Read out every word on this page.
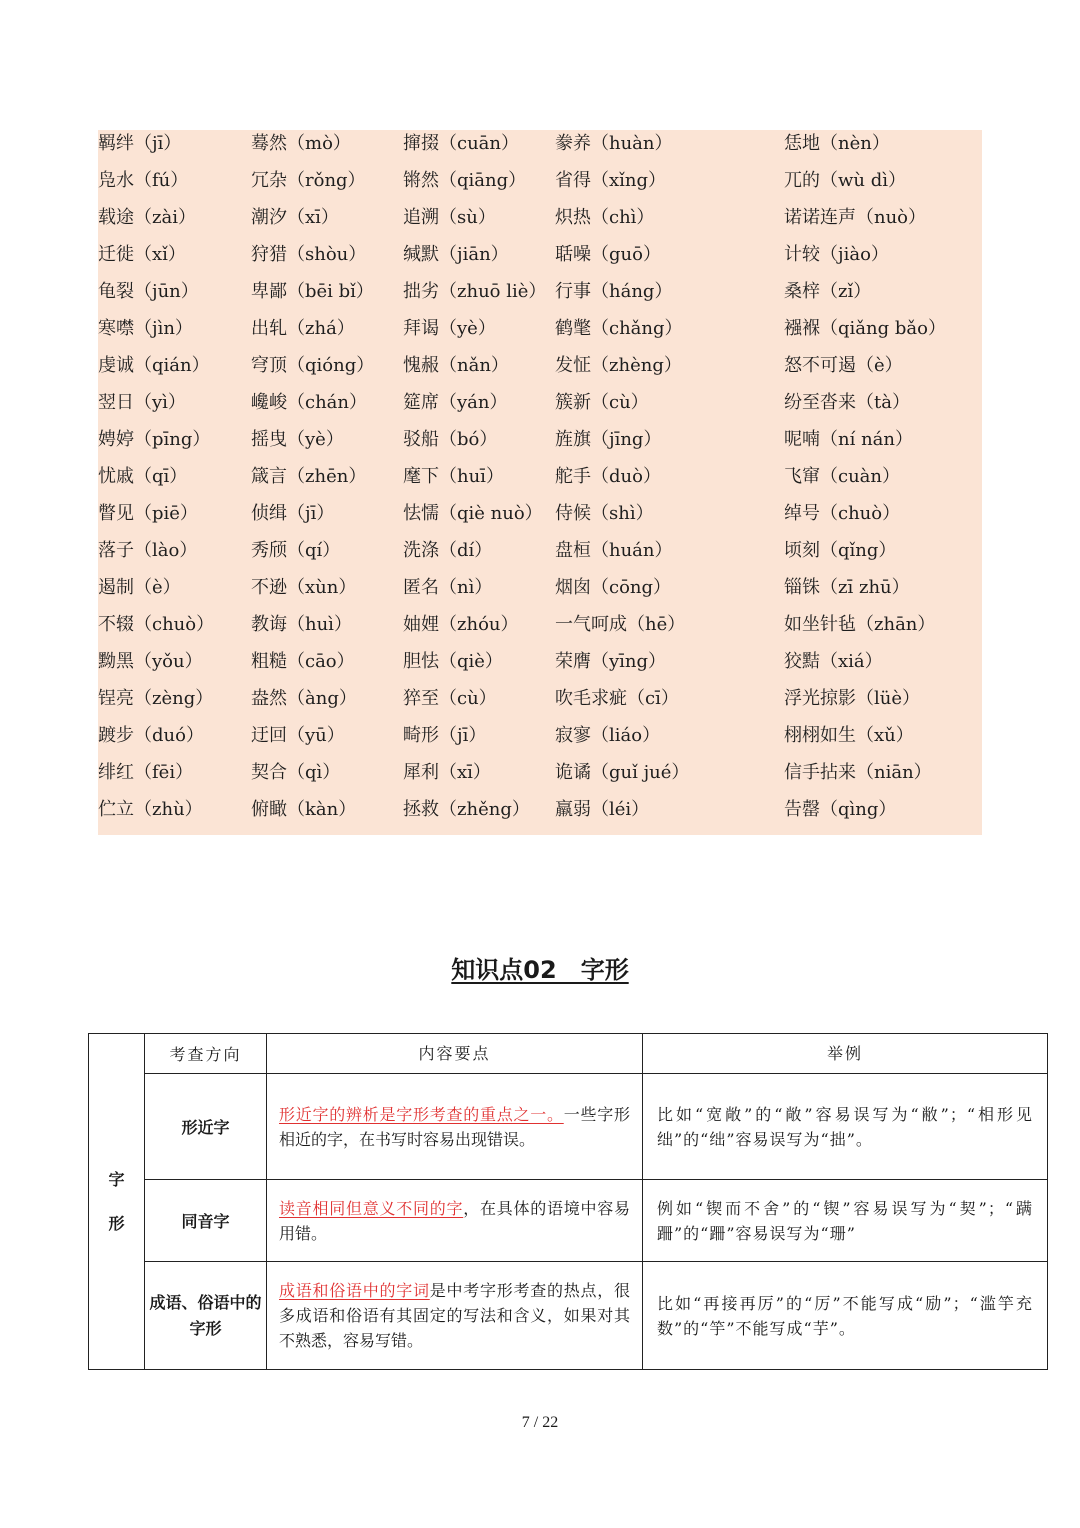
羁绊（jī）	蓦然（mò）	撺掇（cuān） 豢养（huàn）	恁地（nèn）
凫水（fú）	冗杂（rǒng） 锵然（qiāng） 省得（xǐng）	兀的（wù dì）
载途（zài）	潮汐（xī）	追溯（sù）	炽热（chì）	诺诺连声（nuò）
迁徙（xǐ）	狩猎（shòu） 缄默（jiān）	聒噪（guō）	计较（jiào）
龟裂（jūn）	卑鄙（bēi bǐ） 拙劣（zhuō liè） 行事（háng）	桑梓（zǐ）
寒噤（jìn）	出轧（zhá）	拜谒（yè）	鹤氅（chǎng）	襁褓（qiǎng bǎo）
虔诚（qián） 穹顶（qióng） 愧赧（nǎn）	发怔（zhèng）	怒不可遏（è）
翌日（yì）	巉峻（chán） 筵席（yán）	簇新（cù）	纷至沓来（tà）
娉婷（pīng） 摇曳（yè）	驳船（bó）	旌旗（jīng）	呢喃（ní nán）
忧戚（qī）	箴言（zhēn） 麾下（huī）	舵手（duò）	飞窜（cuàn）
瞥见（piē）	侦缉（jī）	怯懦（qiè nuò） 侍候（shì）	绰号（chuò）
落子（lào）	秀颀（qí）	洗涤（dí）	盘桓（huán）	顷刻（qǐng）
遏制（è）	不逊（xùn）	匿名（nì）	烟囱（cōng）	锱铢（zī zhū）
不辍（chuò） 教诲（huì）	妯娌（zhóu） 一气呵成（hē）	如坐针毡（zhān）
黝黑（yǒu）	粗糙（cāo）	胆怯（qiè）	荣膺（yīng）	狡黠（xiá）
锃亮（zèng） 盎然（àng）	猝至（cù）	吹毛求疵（cī）	浮光掠影（lüè）
踱步（duó）	迂回（yū）	畸形（jī）	寂寥（liáo）	栩栩如生（xǔ）
绯红（fēi）	契合（qì）	犀利（xī）	诡谲（guǐ jué）	信手拈来（niān）
伫立（zhù）	俯瞰（kàn）	拯救（zhěng） 羸弱（léi）	告罄（qìng）
知识点02　字形
字
形	考查方向	内容要点	举例
	形近字	形近字的辨析是字形考查的重点之一。一些字形相近的字，在书写时容易出现错误。	比如“宽敞”的“敞”容易误写为“敝”；“相形见绌”的“绌”容易误写为“拙”。
	同音字	读音相同但意义不同的字，在具体的语境中容易用错。	例如“锲而不舍”的“锲”容易误写为“契”；“蹒跚”的“跚”容易误写为“珊”
	成语、俗语中的字形	成语和俗语中的字词是中考字形考查的热点，很多成语和俗语有其固定的写法和含义，如果对其不熟悉，容易写错。	比如“再接再厉”的“厉”不能写成“励”；“滥竽充数”的“竽”不能写成“芋”。
7 / 22
